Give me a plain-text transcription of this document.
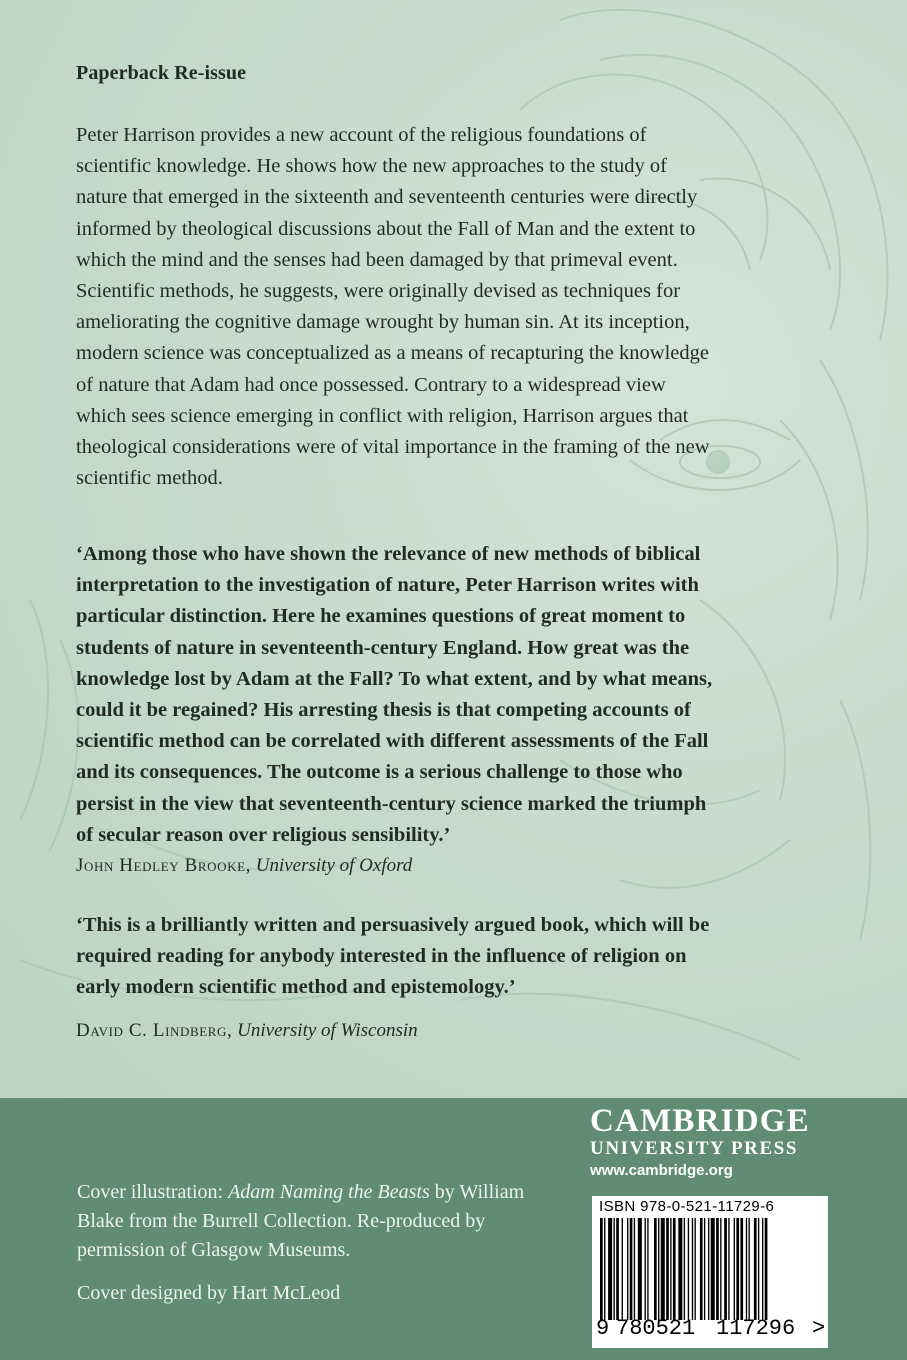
Paperback Re-issue
Peter Harrison provides a new account of the religious foundations of scientific knowledge. He shows how the new approaches to the study of nature that emerged in the sixteenth and seventeenth centuries were directly informed by theological discussions about the Fall of Man and the extent to which the mind and the senses had been damaged by that primeval event. Scientific methods, he suggests, were originally devised as techniques for ameliorating the cognitive damage wrought by human sin. At its inception, modern science was conceptualized as a means of recapturing the knowledge of nature that Adam had once possessed. Contrary to a widespread view which sees science emerging in conflict with religion, Harrison argues that theological considerations were of vital importance in the framing of the new scientific method.
‘Among those who have shown the relevance of new methods of biblical interpretation to the investigation of nature, Peter Harrison writes with particular distinction. Here he examines questions of great moment to students of nature in seventeenth-century England. How great was the knowledge lost by Adam at the Fall? To what extent, and by what means, could it be regained? His arresting thesis is that competing accounts of scientific method can be correlated with different assessments of the Fall and its consequences. The outcome is a serious challenge to those who persist in the view that seventeenth-century science marked the triumph of secular reason over religious sensibility.’
John Hedley Brooke, University of Oxford
‘This is a brilliantly written and persuasively argued book, which will be required reading for anybody interested in the influence of religion on early modern scientific method and epistemology.’
David C. Lindberg, University of Wisconsin
Cover illustration: Adam Naming the Beasts by William Blake from the Burrell Collection. Re-produced by permission of Glasgow Museums.
Cover designed by Hart McLeod
CAMBRIDGE
UNIVERSITY PRESS
www.cambridge.org
ISBN 978-0-521-11729-6
9 780521 117296 >
